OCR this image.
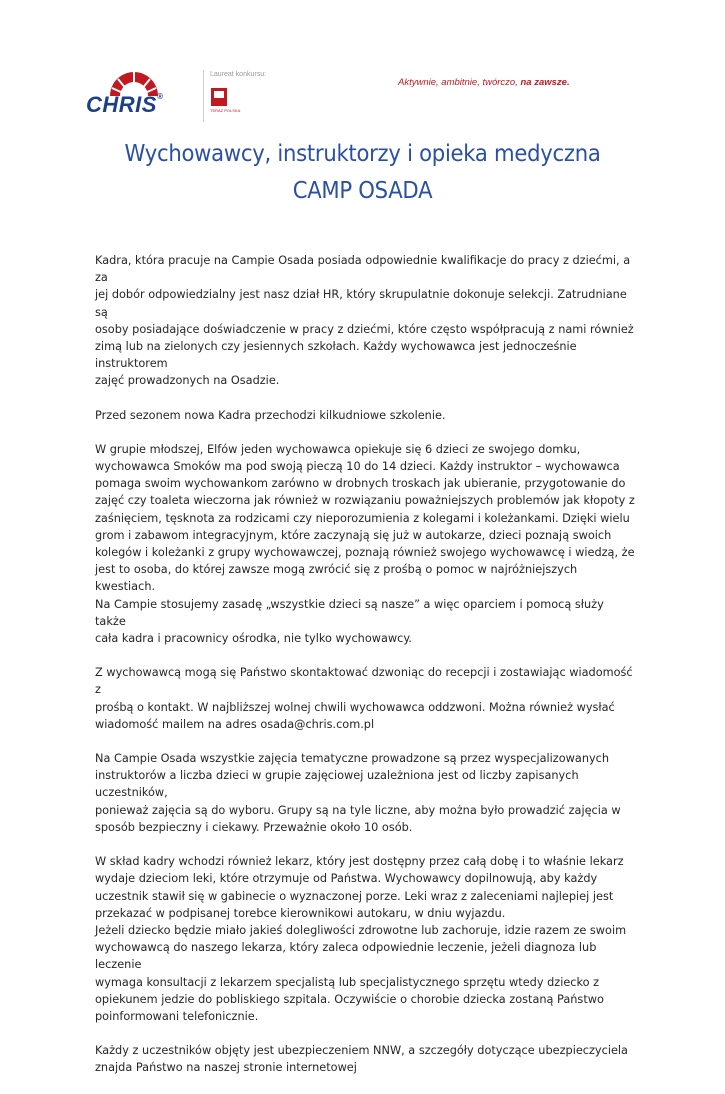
CHRIS®
Laureat konkursu:
TERAZ POLSKA
Aktywnie, ambitnie, twórczo, na zawsze.
Wychowawcy, instruktorzy i opieka medyczna
CAMP OSADA

Kadra, która pracuje na Campie Osada posiada odpowiednie kwalifikacje do pracy z dziećmi, a za
jej dobór odpowiedzialny jest nasz dział HR, który skrupulatnie dokonuje selekcji. Zatrudniane są
osoby posiadające doświadczenie w pracy z dziećmi, które często współpracują z nami również
zimą lub na zielonych czy jesiennych szkołach. Każdy wychowawca jest jednocześnie instruktorem
zajęć prowadzonych na Osadzie.

Przed sezonem nowa Kadra przechodzi kilkudniowe szkolenie.

W grupie młodszej, Elfów jeden wychowawca opiekuje się 6 dzieci ze swojego domku,
wychowawca Smoków ma pod swoją pieczą 10 do 14 dzieci. Każdy instruktor – wychowawca
pomaga swoim wychowankom zarówno w drobnych troskach jak ubieranie, przygotowanie do
zajęć czy toaleta wieczorna jak również w rozwiązaniu poważniejszych problemów jak kłopoty z
zaśnięciem, tęsknota za rodzicami czy nieporozumienia z kolegami i koleżankami. Dzięki wielu
grom i zabawom integracyjnym, które zaczynają się już w autokarze, dzieci poznają swoich
kolegów i koleżanki z grupy wychowawczej, poznają również swojego wychowawcę i wiedzą, że
jest to osoba, do której zawsze mogą zwrócić się z prośbą o pomoc w najróżniejszych kwestiach.
Na Campie stosujemy zasadę „wszystkie dzieci są nasze” a więc oparciem i pomocą służy także
cała kadra i pracownicy ośrodka, nie tylko wychowawcy.

Z wychowawcą mogą się Państwo skontaktować dzwoniąc do recepcji i zostawiając wiadomość z
prośbą o kontakt. W najbliższej wolnej chwili wychowawca oddzwoni. Można również wysłać
wiadomość mailem na adres osada@chris.com.pl

Na Campie Osada wszystkie zajęcia tematyczne prowadzone są przez wyspecjalizowanych
instruktorów a liczba dzieci w grupie zajęciowej uzależniona jest od liczby zapisanych uczestników,
ponieważ zajęcia są do wyboru. Grupy są na tyle liczne, aby można było prowadzić zajęcia w
sposób bezpieczny i ciekawy. Przeważnie około 10 osób.

W skład kadry wchodzi również lekarz, który jest dostępny przez całą dobę i to właśnie lekarz
wydaje dzieciom leki, które otrzymuje od Państwa. Wychowawcy dopilnowują, aby każdy
uczestnik stawił się w gabinecie o wyznaczonej porze. Leki wraz z zaleceniami najlepiej jest
przekazać w podpisanej torebce kierownikowi autokaru, w dniu wyjazdu.

Jeżeli dziecko będzie miało jakieś dolegliwości zdrowotne lub zachoruje, idzie razem ze swoim
wychowawcą do naszego lekarza, który zaleca odpowiednie leczenie, jeżeli diagnoza lub leczenie
wymaga konsultacji z lekarzem specjalistą lub specjalistycznego sprzętu wtedy dziecko z
opiekunem jedzie do pobliskiego szpitala. Oczywiście o chorobie dziecka zostaną Państwo
poinformowani telefonicznie.

Każdy z uczestników objęty jest ubezpieczeniem NNW, a szczegóły dotyczące ubezpieczyciela
znajda Państwo na naszej stronie internetowej
